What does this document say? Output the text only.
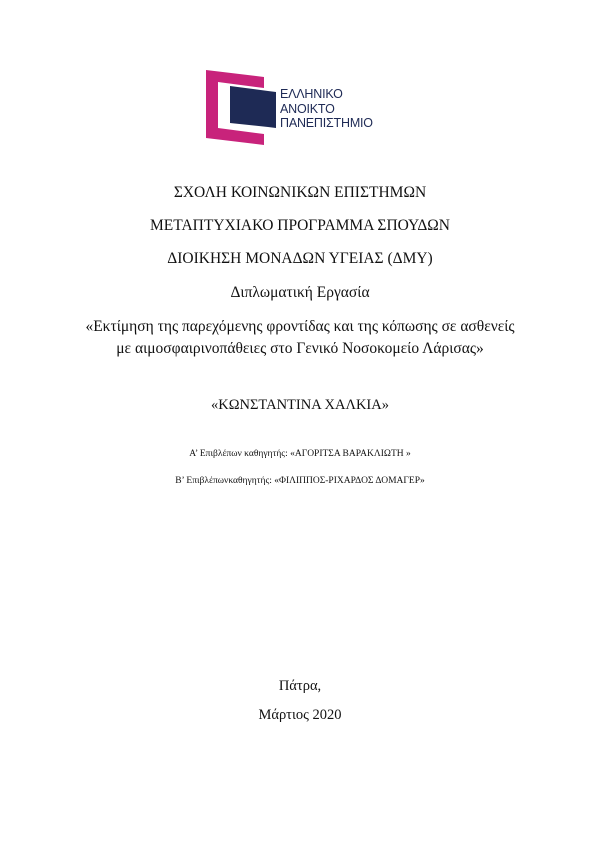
ΕΛΛΗΝΙΚΟ
ΑΝΟΙΚΤΟ
ΠΑΝΕΠΙΣΤΗΜΙΟ
ΣΧΟΛΗ ΚΟΙΝΩΝΙΚΩΝ ΕΠΙΣΤΗΜΩΝ
ΜΕΤΑΠΤΥΧΙΑΚΟ ΠΡΟΓΡΑΜΜΑ ΣΠΟΥΔΩΝ
ΔΙΟΙΚΗΣΗ ΜΟΝΑΔΩΝ ΥΓΕΙΑΣ (ΔΜΥ)
Διπλωματική Εργασία
«Εκτίμηση της παρεχόμενης φροντίδας και της κόπωσης σε ασθενείς
με αιμοσφαιρινοπάθειες στο Γενικό Νοσοκομείο Λάρισας»
«ΚΩΝΣΤΑΝΤΙΝΑ ΧΑΛΚΙΑ»
Α’ Επιβλέπων καθηγητής: «ΑΓΟΡΙΤΣΑ ΒΑΡΑΚΛΙΩΤΗ »
Β’ Επιβλέπωνκαθηγητής: «ΦΙΛΙΠΠΟΣ-ΡΙΧΑΡΔΟΣ ΔΟΜΑΓΕΡ»
Πάτρα,
Μάρτιος 2020
